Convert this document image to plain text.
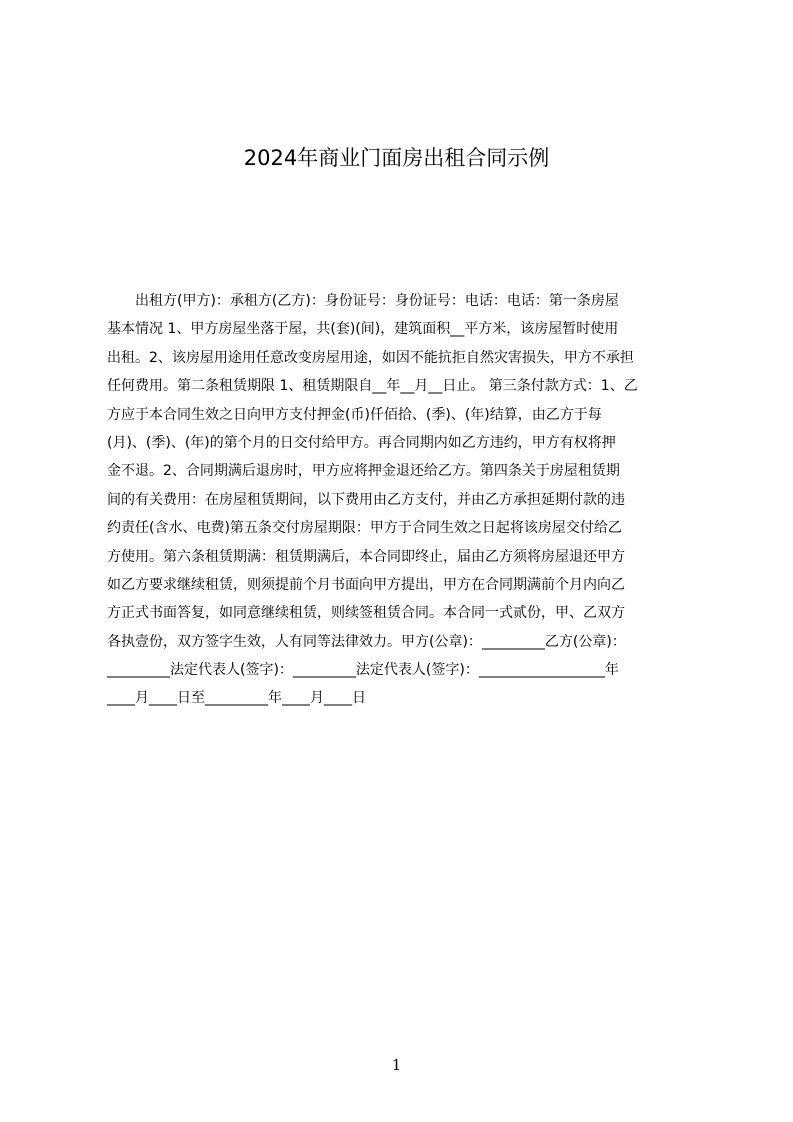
2024年商业门面房出租合同示例
　　出租方(甲方)：承租方(乙方)：身份证号：身份证号：电话：电话：第一条房屋
基本情况 1、甲方房屋坐落于屋，共(套)(间)，建筑面积__平方米，该房屋暂时使用
出租。2、该房屋用途用任意改变房屋用途，如因不能抗拒自然灾害损失，甲方不承担
任何费用。第二条租赁期限 1、租赁期限自__年__月__日止。 第三条付款方式：1、乙
方应于本合同生效之日向甲方支付押金(币)仟佰拾、(季)、(年)结算，由乙方于每
(月)、(季)、(年)的第个月的日交付给甲方。再合同期内如乙方违约，甲方有权将押
金不退。2、合同期满后退房时，甲方应将押金退还给乙方。第四条关于房屋租赁期
间的有关费用：在房屋租赁期间，以下费用由乙方支付，并由乙方承担延期付款的违
约责任(含水、电费)第五条交付房屋期限：甲方于合同生效之日起将该房屋交付给乙
方使用。第六条租赁期满：租赁期满后，本合同即终止，届由乙方须将房屋退还甲方
如乙方要求继续租赁，则须提前个月书面向甲方提出，甲方在合同期满前个月内向乙
方正式书面答复，如同意继续租赁，则续签租赁合同。本合同一式贰份，甲、乙双方
各执壹份，双方签字生效，人有同等法律效力。甲方(公章)：_________乙方(公章)：
_________法定代表人(签字)：_________法定代表人(签字)：__________________年
____月____日至_________年____月____日
1
